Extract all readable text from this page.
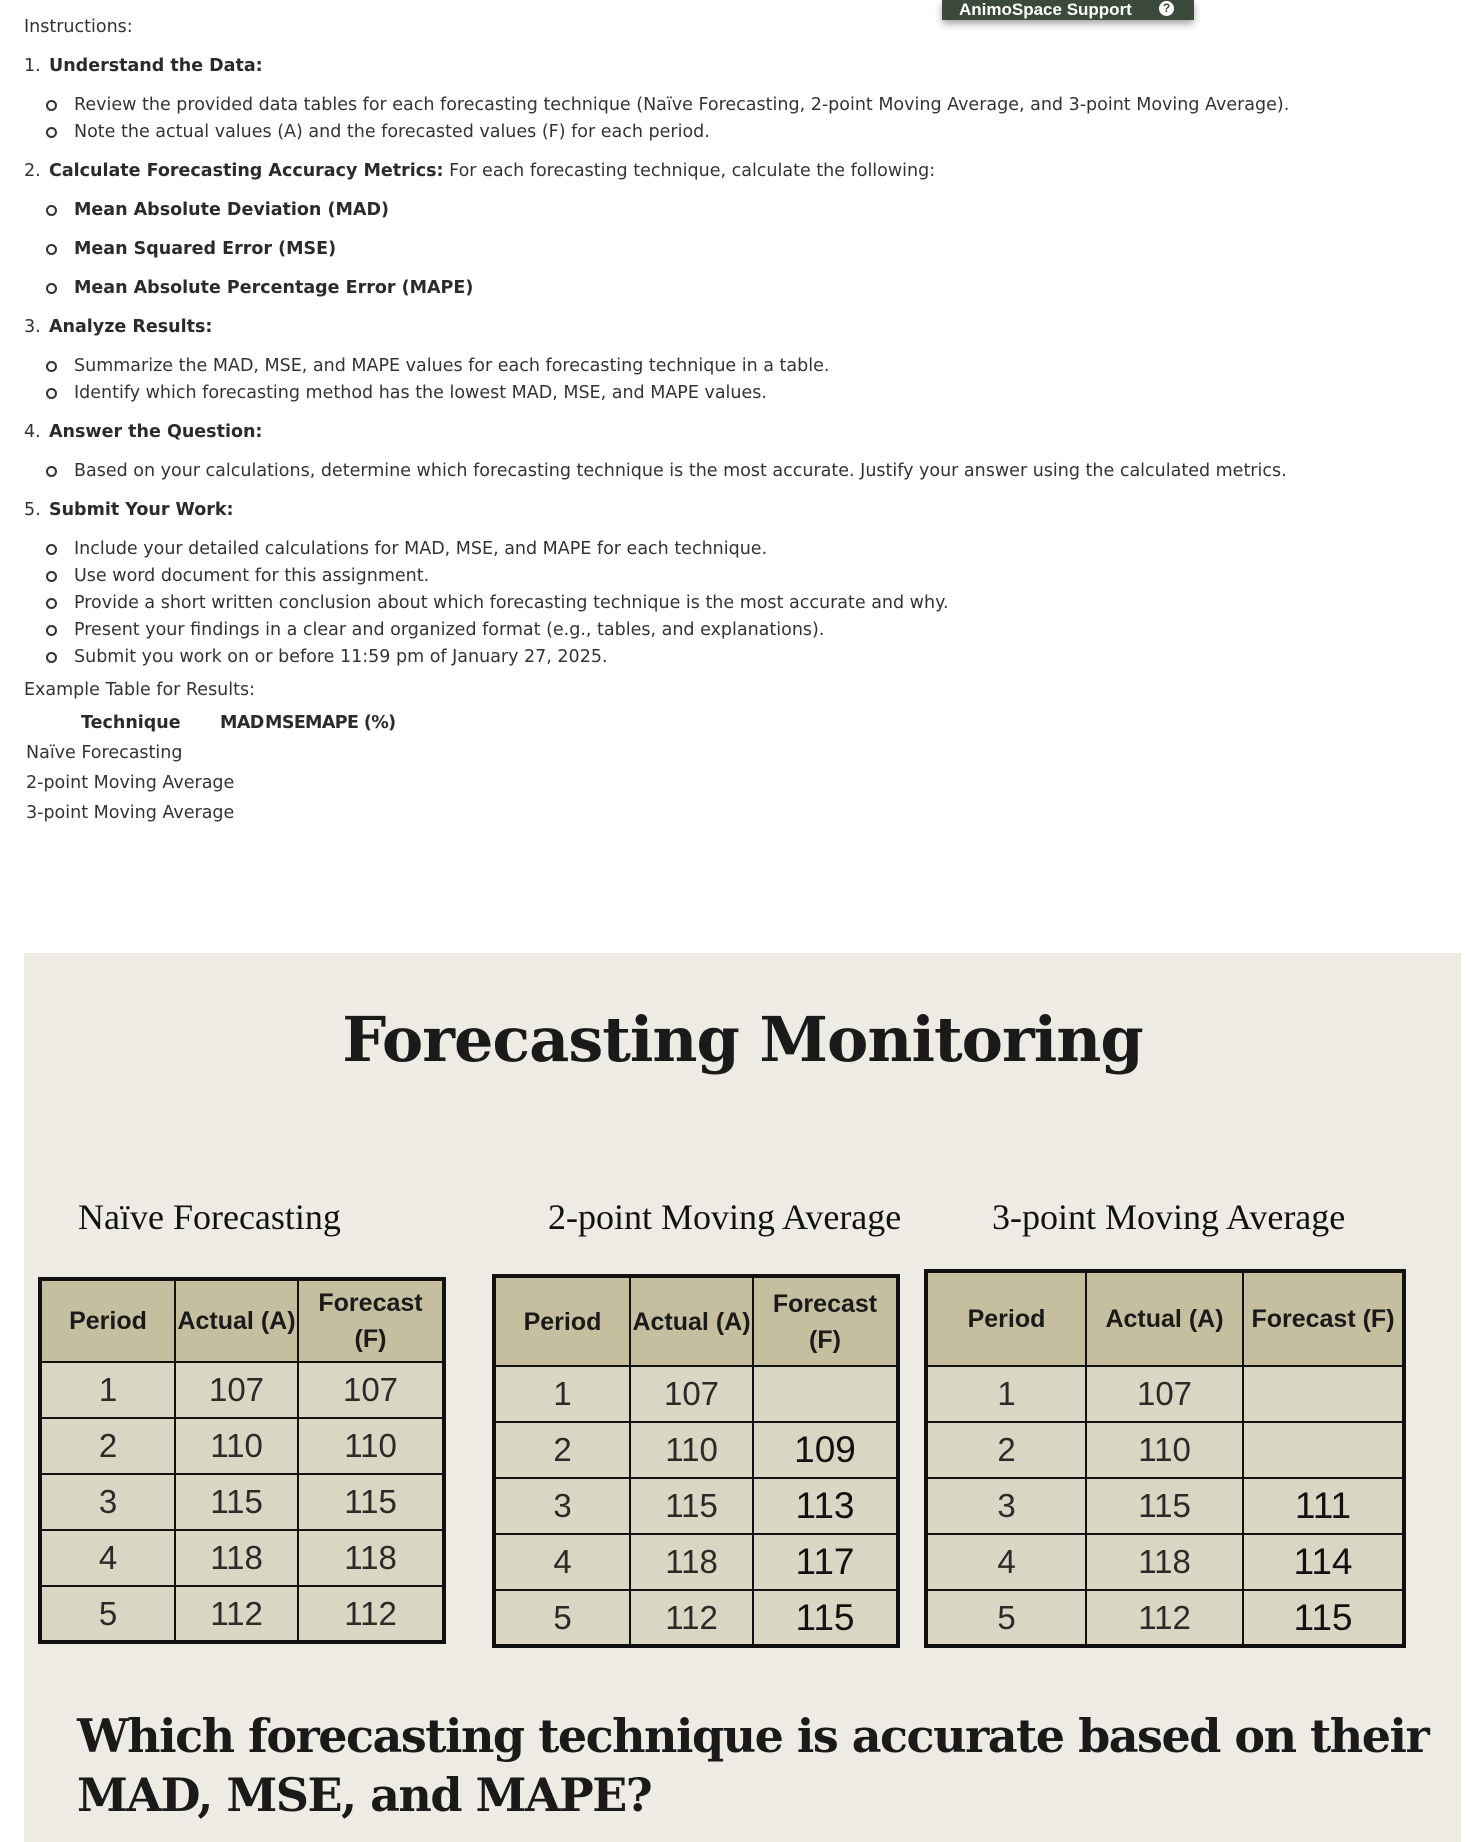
AnimoSpace Support	?
Instructions:
1. Understand the Data:
Review the provided data tables for each forecasting technique (Naïve Forecasting, 2-point Moving Average, and 3-point Moving Average).
Note the actual values (A) and the forecasted values (F) for each period.
2. Calculate Forecasting Accuracy Metrics: For each forecasting technique, calculate the following:
Mean Absolute Deviation (MAD)
Mean Squared Error (MSE)
Mean Absolute Percentage Error (MAPE)
3. Analyze Results:
Summarize the MAD, MSE, and MAPE values for each forecasting technique in a table.
Identify which forecasting method has the lowest MAD, MSE, and MAPE values.
4. Answer the Question:
Based on your calculations, determine which forecasting technique is the most accurate. Justify your answer using the calculated metrics.
5. Submit Your Work:
Include your detailed calculations for MAD, MSE, and MAPE for each technique.
Use word document for this assignment.
Provide a short written conclusion about which forecasting technique is the most accurate and why.
Present your findings in a clear and organized format (e.g., tables, and explanations).
Submit you work on or before 11:59 pm of January 27, 2025.
Example Table for Results:
Technique MAD MSE MAPE (%)
Naïve Forecasting
2-point Moving Average
3-point Moving Average
Forecasting Monitoring
Naïve Forecasting	2-point Moving Average	3-point Moving Average
Period	Actual (A)	Forecast (F)
1	107	107
2	110	110
3	115	115
4	118	118
5	112	112
Period	Actual (A)	Forecast (F)
1	107	
2	110	109
3	115	113
4	118	117
5	112	115
Period	Actual (A)	Forecast (F)
1	107	
2	110	
3	115	111
4	118	114
5	112	115
Which forecasting technique is accurate based on their MAD, MSE, and MAPE?
